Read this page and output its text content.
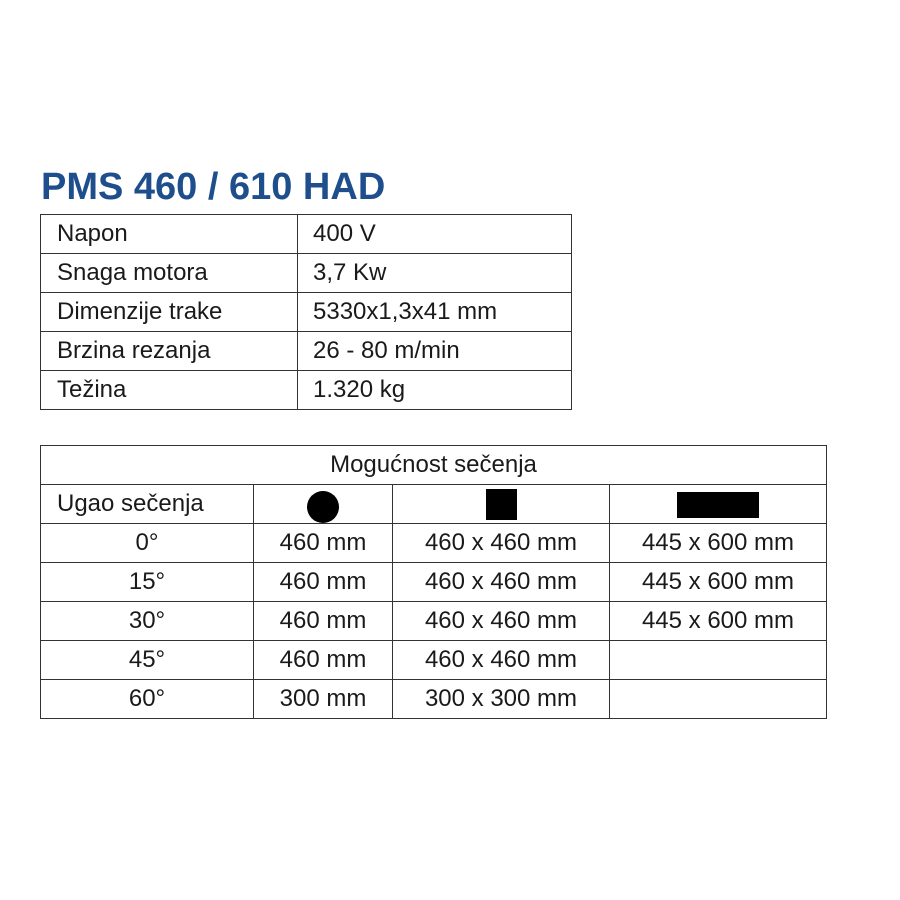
PMS 460 / 610 HAD
Napon	400 V
Snaga motora	3,7 Kw
Dimenzije trake	5330x1,3x41 mm
Brzina rezanja	26 - 80 m/min
Težina	1.320 kg
Mogućnost sečenja			
Ugao sečenja			
0°	460 mm	460 x 460 mm	445 x 600 mm
15°	460 mm	460 x 460 mm	445 x 600 mm
30°	460 mm	460 x 460 mm	445 x 600 mm
45°	460 mm	460 x 460 mm	
60°	300 mm	300 x 300 mm	
